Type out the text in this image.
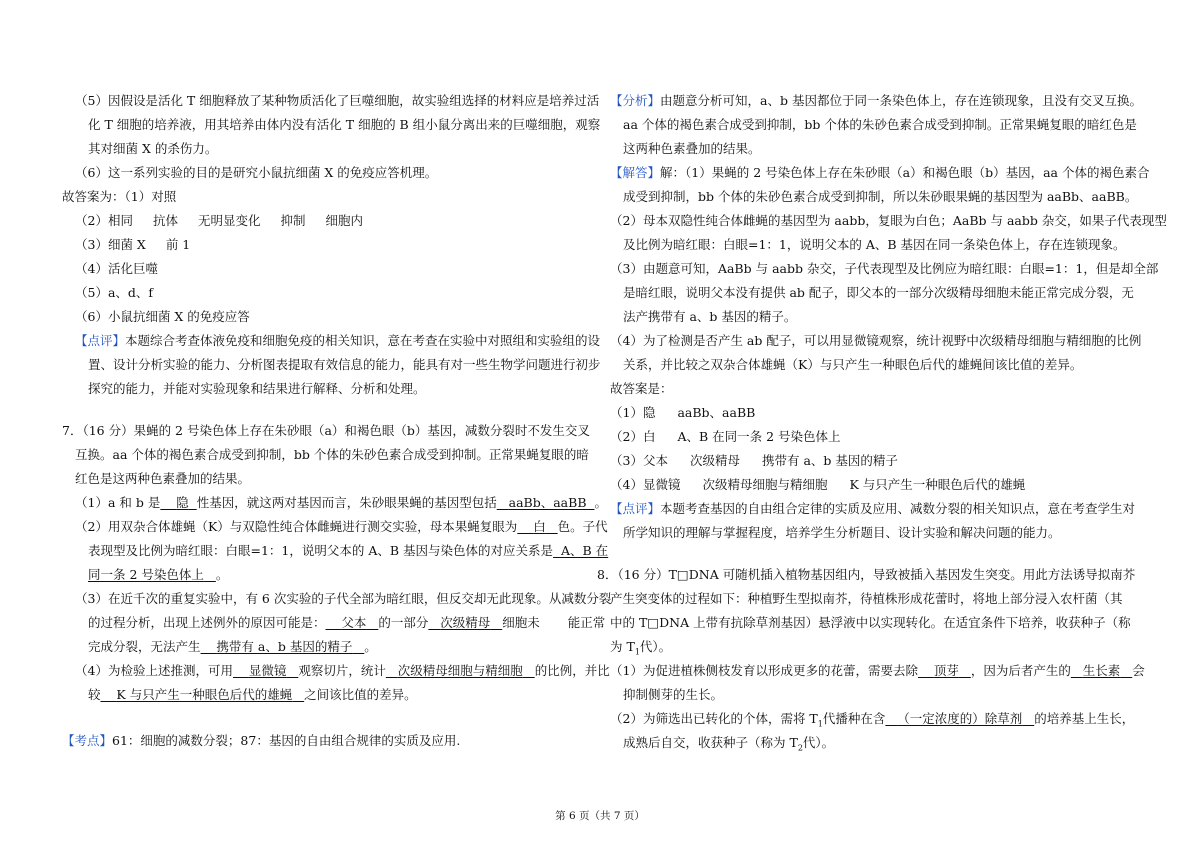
（5）因假设是活化 T 细胞释放了某种物质活化了巨噬细胞，故实验组选择的材料应是培养过活
化 T 细胞的培养液，用其培养由体内没有活化 T 细胞的 B 组小鼠分离出来的巨噬细胞，观察
其对细菌 X 的杀伤力。
（6）这一系列实验的目的是研究小鼠抗细菌 X 的免疫应答机理。
故答案为：（1）对照
（2）相同 抗体 无明显变化 抑制 细胞内
（3）细菌 X 前 1
（4）活化巨噬
（5）a、d、f
（6）小鼠抗细菌 X 的免疫应答
【点评】本题综合考查体液免疫和细胞免疫的相关知识，意在考查在实验中对照组和实验组的设
置、设计分析实验的能力、分析图表提取有效信息的能力，能具有对一些生物学问题进行初步
探究的能力，并能对实验现象和结果进行解释、分析和处理。
7．（16 分）果蝇的 2 号染色体上存在朱砂眼（a）和褐色眼（b）基因，减数分裂时不发生交叉
互换。aa 个体的褐色素合成受到抑制，bb 个体的朱砂色素合成受到抑制。正常果蝇复眼的暗
红色是这两种色素叠加的结果。
（1）a 和 b 是 隐 性基因，就这两对基因而言，朱砂眼果蝇的基因型包括 aaBb、aaBB 。
（2）用双杂合体雄蝇（K）与双隐性纯合体雌蝇进行测交实验，母本果蝇复眼为 白 色。子代
表现型及比例为暗红眼：白眼=1：1，说明父本的 A、B 基因与染色体的对应关系是 A、B 在
同一条 2 号染色体上 。
（3）在近千次的重复实验中，有 6 次实验的子代全部为暗红眼，但反交却无此现象。从减数分裂
的过程分析，出现上述例外的原因可能是： 父本 的一部分 次级精母 细胞未 能正常
完成分裂，无法产生 携带有 a、b 基因的精子 。
（4）为检验上述推测，可用 显微镜 观察切片，统计 次级精母细胞与精细胞 的比例，并比
较 K 与只产生一种眼色后代的雄蝇 之间该比值的差异。
【考点】61：细胞的减数分裂；87：基因的自由组合规律的实质及应用.
【分析】由题意分析可知，a、b 基因都位于同一条染色体上，存在连锁现象，且没有交叉互换。
aa 个体的褐色素合成受到抑制，bb 个体的朱砂色素合成受到抑制。正常果蝇复眼的暗红色是
这两种色素叠加的结果。
【解答】解：（1）果蝇的 2 号染色体上存在朱砂眼（a）和褐色眼（b）基因，aa 个体的褐色素合
成受到抑制，bb 个体的朱砂色素合成受到抑制，所以朱砂眼果蝇的基因型为 aaBb、aaBB。
（2）母本双隐性纯合体雌蝇的基因型为 aabb，复眼为白色；AaBb 与 aabb 杂交，如果子代表现型
及比例为暗红眼：白眼=1：1，说明父本的 A、B 基因在同一条染色体上，存在连锁现象。
（3）由题意可知，AaBb 与 aabb 杂交，子代表现型及比例应为暗红眼：白眼=1：1，但是却全部
是暗红眼，说明父本没有提供 ab 配子，即父本的一部分次级精母细胞未能正常完成分裂，无
法产携带有 a、b 基因的精子。
（4）为了检测是否产生 ab 配子，可以用显微镜观察，统计视野中次级精母细胞与精细胞的比例
关系，并比较之双杂合体雄蝇（K）与只产生一种眼色后代的雄蝇间该比值的差异。
故答案是：
（1）隐 aaBb、aaBB
（2）白 A、B 在同一条 2 号染色体上
（3）父本 次级精母 携带有 a、b 基因的精子
（4）显微镜 次级精母细胞与精细胞 K 与只产生一种眼色后代的雄蝇
【点评】本题考查基因的自由组合定律的实质及应用、减数分裂的相关知识点，意在考查学生对
所学知识的理解与掌握程度，培养学生分析题目、设计实验和解决问题的能力。
8．（16 分）T□DNA 可随机插入植物基因组内，导致被插入基因发生突变。用此方法诱导拟南芥
产生突变体的过程如下：种植野生型拟南芥，待植株形成花蕾时，将地上部分浸入农杆菌（其
中的 T□DNA 上带有抗除草剂基因）悬浮液中以实现转化。在适宜条件下培养，收获种子（称
为 $T_1$代）。
（1）为促进植株侧枝发育以形成更多的花蕾，需要去除 顶芽 ，因为后者产生的 生长素 会
抑制侧芽的生长。
（2）为筛选出已转化的个体，需将 $T_1$代播种在含 （一定浓度的）除草剂 的培养基上生长，
成熟后自交，收获种子（称为 $T_2$代）。
第 6 页（共 7 页）
